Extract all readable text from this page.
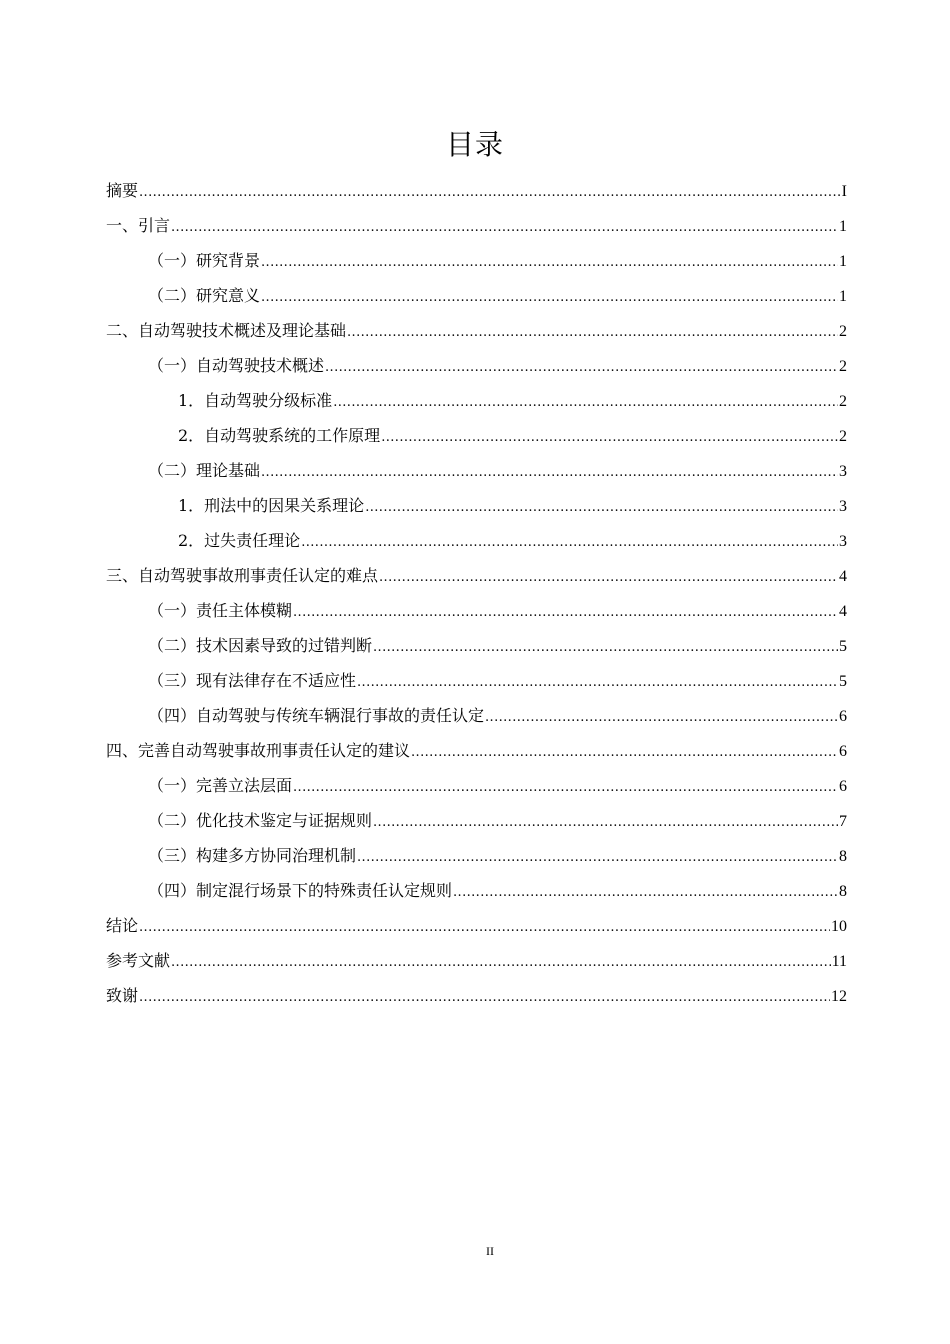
目录
摘要 .....	I
一、引言 .....	1
（一）研究背景 .....	1
（二）研究意义 .....	1
二、自动驾驶技术概述及理论基础 .....	2
（一）自动驾驶技术概述 .....	2
1．自动驾驶分级标准 .....	2
2．自动驾驶系统的工作原理 .....	2
（二）理论基础 .....	3
1．刑法中的因果关系理论 .....	3
2．过失责任理论 .....	3
三、自动驾驶事故刑事责任认定的难点 .....	4
（一）责任主体模糊 .....	4
（二）技术因素导致的过错判断 .....	5
（三）现有法律存在不适应性 .....	5
（四）自动驾驶与传统车辆混行事故的责任认定 .....	6
四、完善自动驾驶事故刑事责任认定的建议 .....	6
（一）完善立法层面 .....	6
（二）优化技术鉴定与证据规则 .....	7
（三）构建多方协同治理机制 .....	8
（四）制定混行场景下的特殊责任认定规则 .....	8
结论 .....	10
参考文献 .....	11
致谢 .....	12
II
